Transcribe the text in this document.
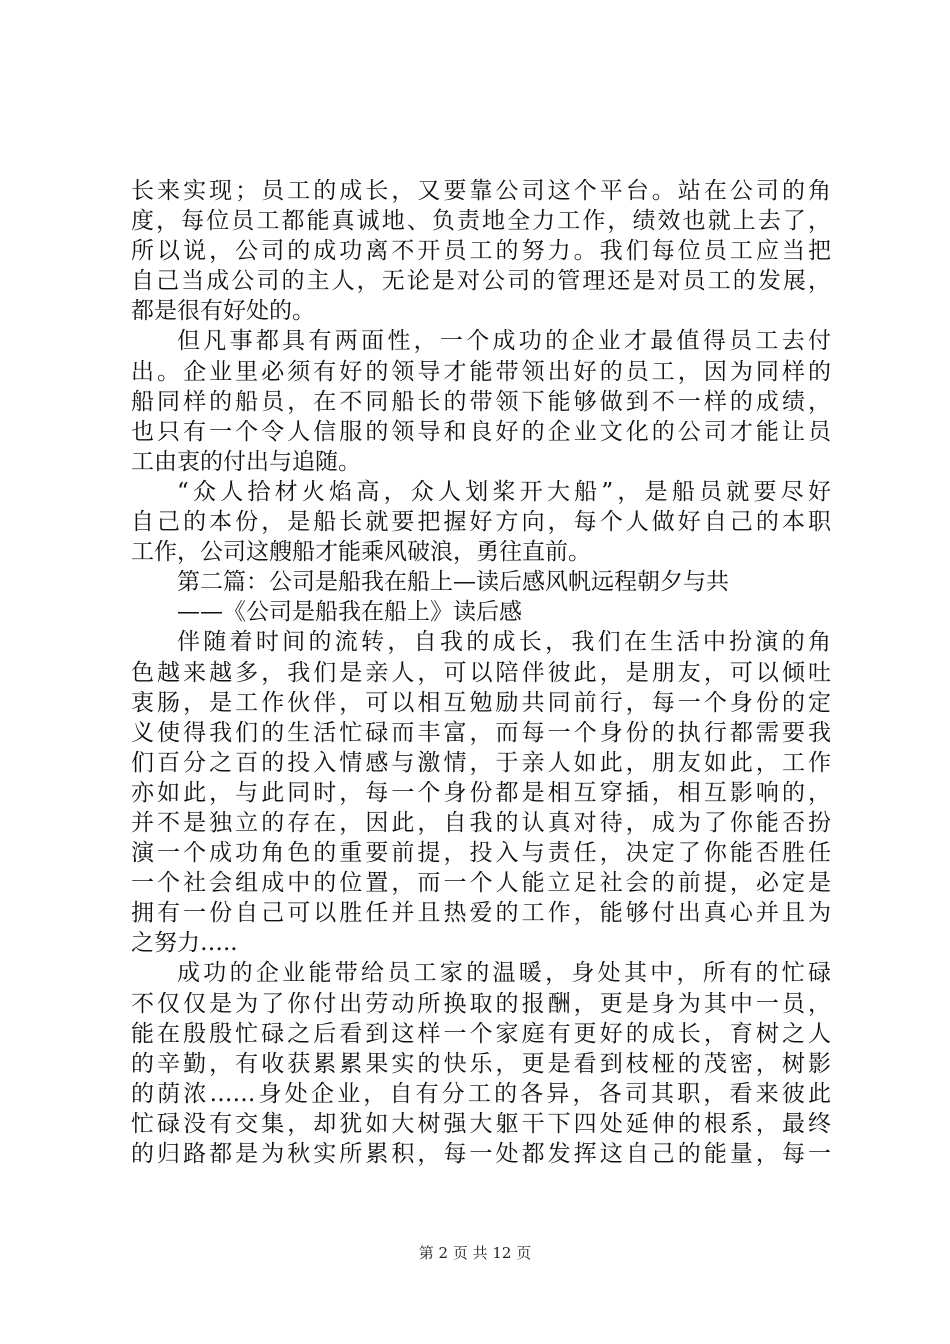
长来实现；员工的成长，又要靠公司这个平台。站在公司的角
度，每位员工都能真诚地、负责地全力工作，绩效也就上去了，
所以说，公司的成功离不开员工的努力。我们每位员工应当把
自己当成公司的主人，无论是对公司的管理还是对员工的发展，
都是很有好处的。
但凡事都具有两面性，一个成功的企业才最值得员工去付
出。企业里必须有好的领导才能带领出好的员工，因为同样的
船同样的船员，在不同船长的带领下能够做到不一样的成绩，
也只有一个令人信服的领导和良好的企业文化的公司才能让员
工由衷的付出与追随。
“众人拾材火焰高，众人划桨开大船”，是船员就要尽好
自己的本份，是船长就要把握好方向，每个人做好自己的本职
工作，公司这艘船才能乘风破浪，勇往直前。
第二篇：公司是船我在船上—读后感风帆远程朝夕与共
——《公司是船我在船上》读后感
伴随着时间的流转，自我的成长，我们在生活中扮演的角
色越来越多，我们是亲人，可以陪伴彼此，是朋友，可以倾吐
衷肠，是工作伙伴，可以相互勉励共同前行，每一个身份的定
义使得我们的生活忙碌而丰富，而每一个身份的执行都需要我
们百分之百的投入情感与激情，于亲人如此，朋友如此，工作
亦如此，与此同时，每一个身份都是相互穿插，相互影响的，
并不是独立的存在，因此，自我的认真对待，成为了你能否扮
演一个成功角色的重要前提，投入与责任，决定了你能否胜任
一个社会组成中的位置，而一个人能立足社会的前提，必定是
拥有一份自己可以胜任并且热爱的工作，能够付出真心并且为
之努力…..
成功的企业能带给员工家的温暖，身处其中，所有的忙碌
不仅仅是为了你付出劳动所换取的报酬，更是身为其中一员，
能在殷殷忙碌之后看到这样一个家庭有更好的成长，育树之人
的辛勤，有收获累累果实的快乐，更是看到枝桠的茂密，树影
的荫浓……身处企业，自有分工的各异，各司其职，看来彼此
忙碌没有交集，却犹如大树强大躯干下四处延伸的根系，最终
的归路都是为秋实所累积，每一处都发挥这自己的能量，每一
第 2 页 共 12 页
